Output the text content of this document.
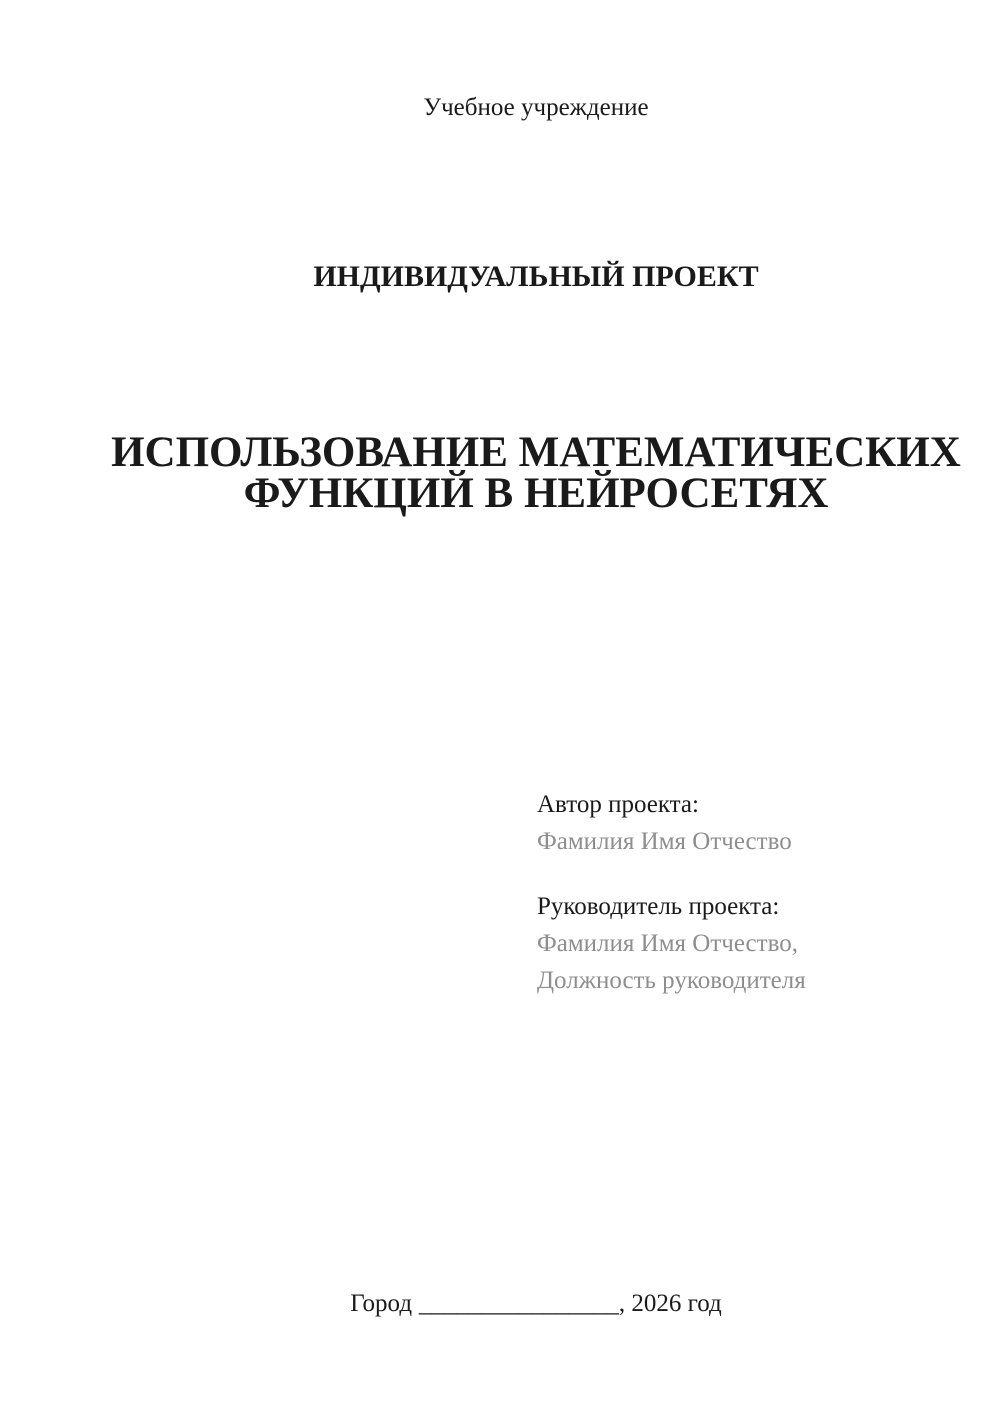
Учебное учреждение
ИНДИВИДУАЛЬНЫЙ ПРОЕКТ
ИСПОЛЬЗОВАНИЕ МАТЕМАТИЧЕСКИХ
ФУНКЦИЙ В НЕЙРОСЕТЯХ
Автор проекта:
Фамилия Имя Отчество
Руководитель проекта:
Фамилия Имя Отчество,
Должность руководителя
Город ________________, 2026 год
